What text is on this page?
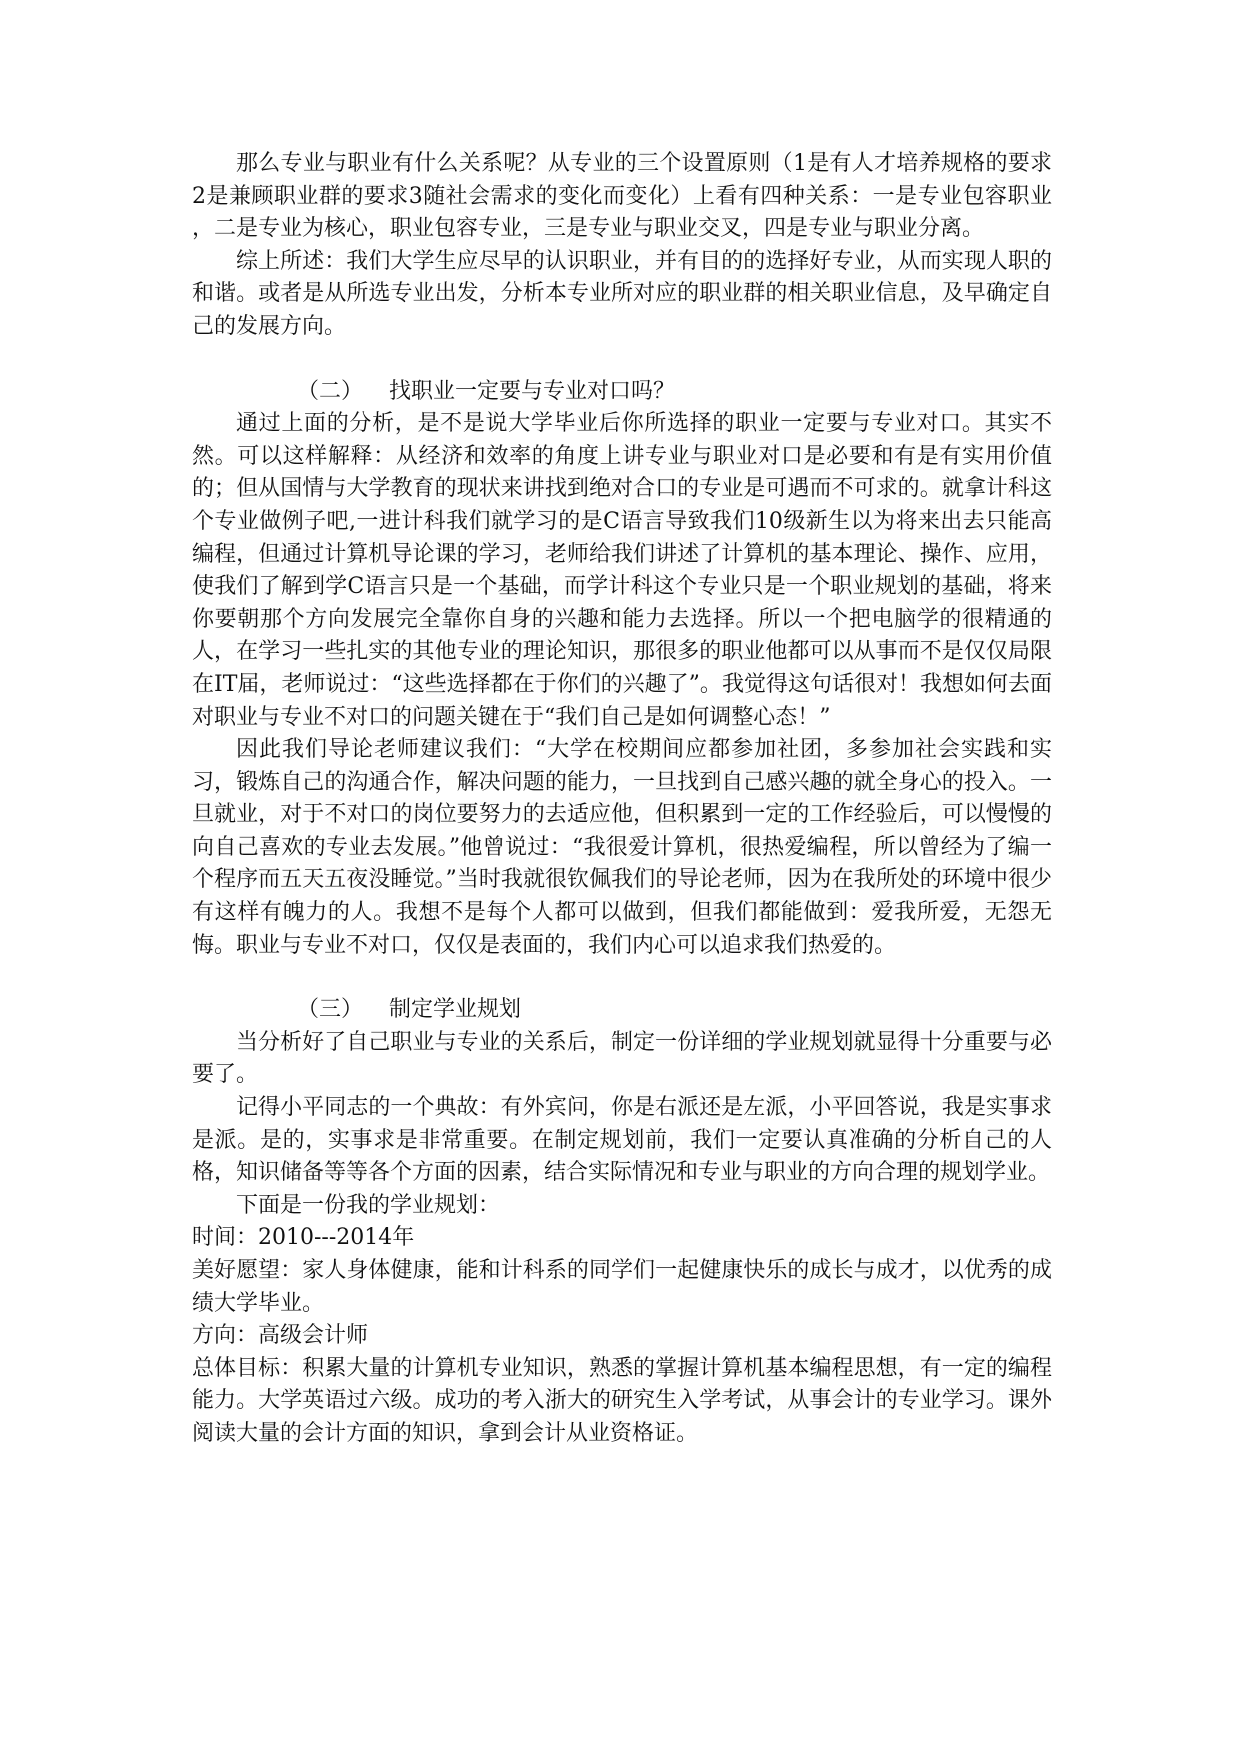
那么专业与职业有什么关系呢？从专业的三个设置原则（1是有人才培养规格的要求2是兼顾职业群的要求3随社会需求的变化而变化）上看有四种关系：一是专业包容职业 ，二是专业为核心，职业包容专业，三是专业与职业交叉，四是专业与职业分离。

综上所述：我们大学生应尽早的认识职业，并有目的的选择好专业，从而实现人职的和谐。或者是从所选专业出发，分析本专业所对应的职业群的相关职业信息，及早确定自己的发展方向。

（二） 找职业一定要与专业对口吗？

通过上面的分析，是不是说大学毕业后你所选择的职业一定要与专业对口。其实不然。可以这样解释：从经济和效率的角度上讲专业与职业对口是必要和有是有实用价值的；但从国情与大学教育的现状来讲找到绝对合口的专业是可遇而不可求的。就拿计科这个专业做例子吧,一进计科我们就学习的是C语言导致我们10级新生以为将来出去只能高编程，但通过计算机导论课的学习，老师给我们讲述了计算机的基本理论、操作、应用，使我们了解到学C语言只是一个基础，而学计科这个专业只是一个职业规划的基础，将来你要朝那个方向发展完全靠你自身的兴趣和能力去选择。所以一个把电脑学的很精通的人，在学习一些扎实的其他专业的理论知识，那很多的职业他都可以从事而不是仅仅局限在IT届，老师说过：“这些选择都在于你们的兴趣了”。我觉得这句话很对！我想如何去面对职业与专业不对口的问题关键在于“我们自己是如何调整心态！”

因此我们导论老师建议我们：“大学在校期间应都参加社团，多参加社会实践和实习，锻炼自己的沟通合作，解决问题的能力，一旦找到自己感兴趣的就全身心的投入。一旦就业，对于不对口的岗位要努力的去适应他，但积累到一定的工作经验后，可以慢慢的向自己喜欢的专业去发展。”他曾说过：“我很爱计算机，很热爱编程，所以曾经为了编一个程序而五天五夜没睡觉。”当时我就很钦佩我们的导论老师，因为在我所处的环境中很少有这样有魄力的人。我想不是每个人都可以做到，但我们都能做到：爱我所爱，无怨无悔。职业与专业不对口，仅仅是表面的，我们内心可以追求我们热爱的。

（三） 制定学业规划

当分析好了自己职业与专业的关系后，制定一份详细的学业规划就显得十分重要与必要了。

记得小平同志的一个典故：有外宾问，你是右派还是左派，小平回答说，我是实事求是派。是的，实事求是非常重要。在制定规划前，我们一定要认真准确的分析自己的人格，知识储备等等各个方面的因素，结合实际情况和专业与职业的方向合理的规划学业。

下面是一份我的学业规划：

时间：2010---2014年

美好愿望：家人身体健康，能和计科系的同学们一起健康快乐的成长与成才，以优秀的成绩大学毕业。

方向：高级会计师

总体目标：积累大量的计算机专业知识，熟悉的掌握计算机基本编程思想，有一定的编程能力。大学英语过六级。成功的考入浙大的研究生入学考试，从事会计的专业学习。课外阅读大量的会计方面的知识，拿到会计从业资格证。
